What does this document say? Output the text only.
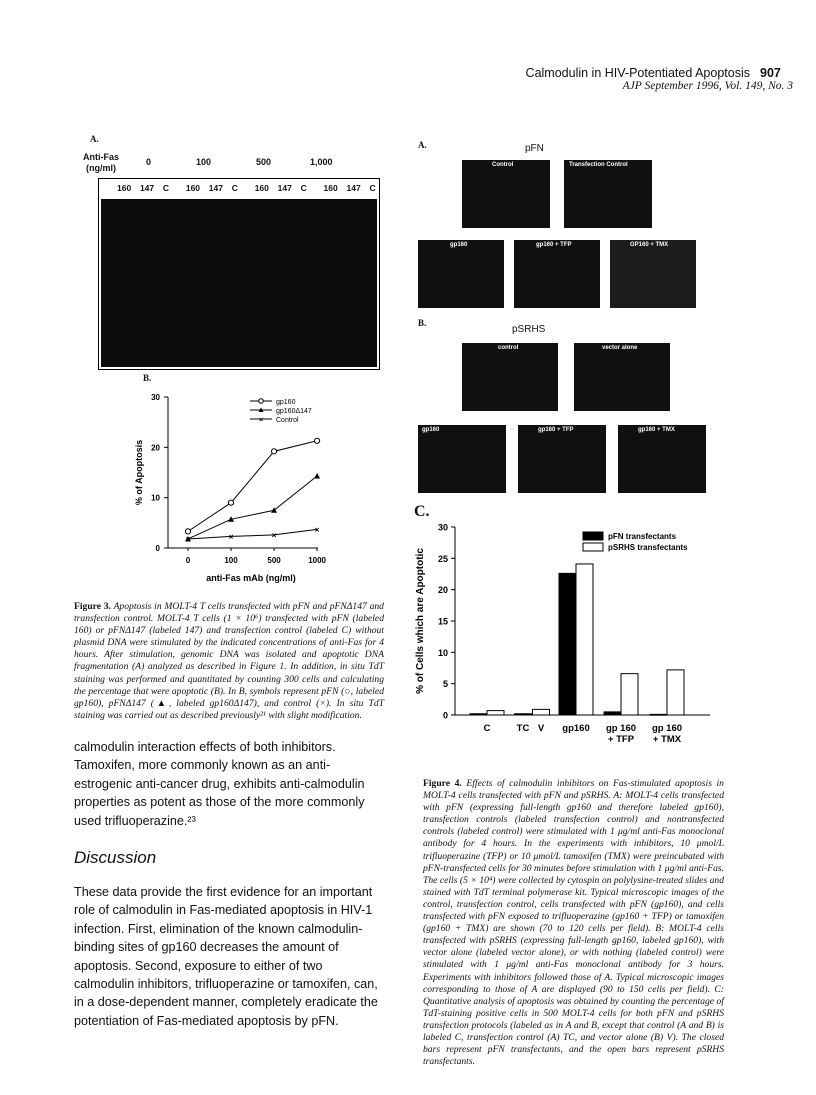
Calmodulin in HIV-Potentiated Apoptosis 907
AJP September 1996, Vol. 149, No. 3
A.
Anti-Fas
(ng/ml)
0	100	500	1,000
160 147 C 160 147 C 160 147 C 160 147 C
B.
0
10
20
30
0	100	500	1000
anti-Fas mAb (ng/ml)
% of Apoptosis
gp160
gp160Δ147
×	×	×
×
× Control
Figure 3. Apoptosis in MOLT-4 T cells transfected with pFN and pFNΔ147 and transfection control. MOLT-4 T cells (1 × 10⁶) transfected with pFN (labeled 160) or pFNΔ147 (labeled 147) and transfection control (labeled C) without plasmid DNA were stimulated by the indicated concentrations of anti-Fas for 4 hours. After stimulation, genomic DNA was isolated and apoptotic DNA fragmentation (A) analyzed as described in Figure 1. In addition, in situ TdT staining was performed and quantitated by counting 300 cells and calculating the percentage that were apoptotic (B). In B, symbols represent pFN (○, labeled gp160), pFNΔ147 (▲, labeled gp160Δ147), and control (×). In situ TdT staining was carried out as described previously²¹ with slight modification.
calmodulin interaction effects of both inhibitors. Tamoxifen, more commonly known as an anti-estrogenic anti-cancer drug, exhibits anti-calmodulin properties as potent as those of the more commonly used trifluoperazine.²³
Discussion
These data provide the first evidence for an important role of calmodulin in Fas-mediated apoptosis in HIV-1 infection. First, elimination of the known calmodulin-binding sites of gp160 decreases the amount of apoptosis. Second, exposure to either of two calmodulin inhibitors, trifluoperazine or tamoxifen, can, in a dose-dependent manner, completely eradicate the potentiation of Fas-mediated apoptosis by pFN.
A.	pFN
Control	Transfection Control
gp160	gp160 + TFP	GP160 + TMX
B.
pSRHS
control	vector alone
gp160	gp160 + TFP	gp160 + TMX
C.
0
5
10
15
20
25
30
% of Cells which are Apoptotic
C	TC V gp160 gp 160
+ TFP
gp 160
+ TMX
pFN transfectants
pSRHS transfectants
Figure 4. Effects of calmodulin inhibitors on Fas-stimulated apoptosis in MOLT-4 cells transfected with pFN and pSRHS. A: MOLT-4 cells transfected with pFN (expressing full-length gp160 and therefore labeled gp160), transfection controls (labeled transfection control) and nontransfected controls (labeled control) were stimulated with 1 μg/ml anti-Fas monoclonal antibody for 4 hours. In the experiments with inhibitors, 10 μmol/L trifluoperazine (TFP) or 10 μmol/L tamoxifen (TMX) were preincubated with pFN-transfected cells for 30 minutes before stimulation with 1 μg/ml anti-Fas. The cells (5 × 10⁴) were collected by cytospin on polylysine-treated slides and stained with TdT terminal polymerase kit. Typical microscopic images of the control, transfection control, cells transfected with pFN (gp160), and cells transfected with pFN exposed to trifluoperazine (gp160 + TFP) or tamoxifen (gp160 + TMX) are shown (70 to 120 cells per field). B: MOLT-4 cells transfected with pSRHS (expressing full-length gp160, labeled gp160), with vector alone (labeled vector alone), or with nothing (labeled control) were stimulated with 1 μg/ml anti-Fas monoclonal antibody for 3 hours. Experiments with inhibitors followed those of A. Typical microscopic images corresponding to those of A are displayed (90 to 150 cells per field). C: Quantitative analysis of apoptosis was obtained by counting the percentage of TdT-staining positive cells in 500 MOLT-4 cells for both pFN and pSRHS transfection protocols (labeled as in A and B, except that control (A and B) is labeled C, transfection control (A) TC, and vector alone (B) V). The closed bars represent pFN transfectants, and the open bars represent pSRHS transfectants.
